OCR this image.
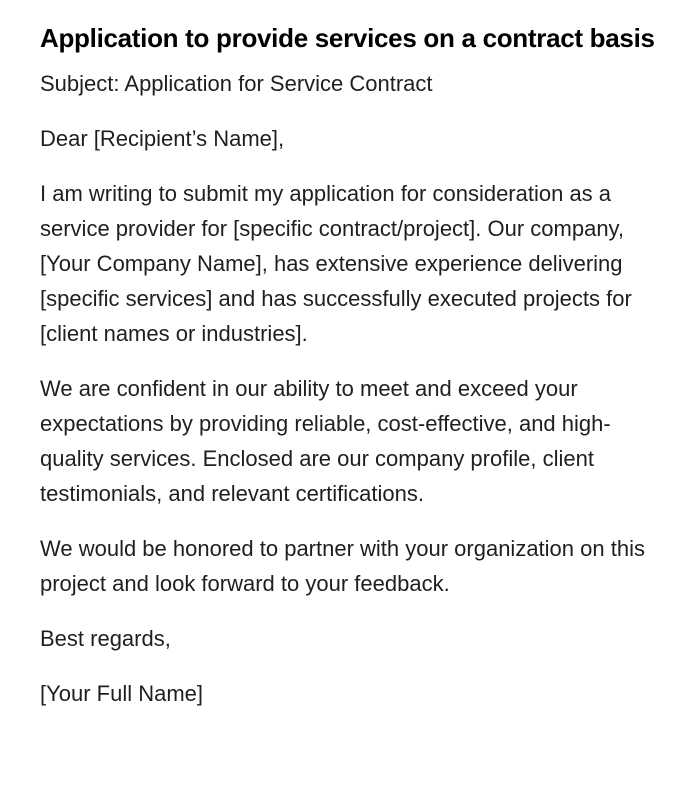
Application to provide services on a contract basis

Subject: Application for Service Contract

Dear [Recipient’s Name],

I am writing to submit my application for consideration as a service provider for [specific contract/project]. Our company, [Your Company Name], has extensive experience delivering [specific services] and has successfully executed projects for [client names or industries].

We are confident in our ability to meet and exceed your expectations by providing reliable, cost-effective, and high-quality services. Enclosed are our company profile, client testimonials, and relevant certifications.

We would be honored to partner with your organization on this project and look forward to your feedback.

Best regards,

[Your Full Name]
